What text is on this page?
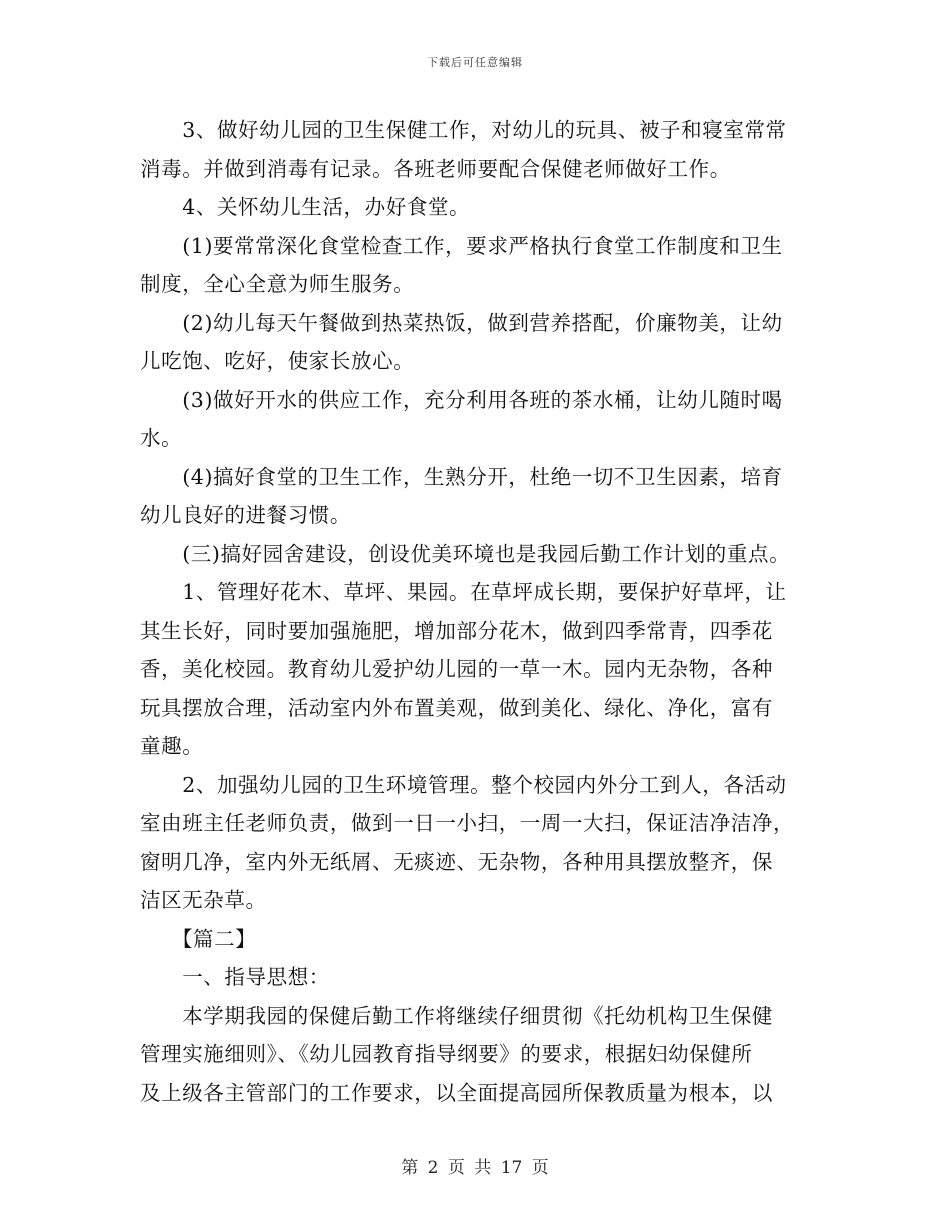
下载后可任意编辑
　　3、做好幼儿园的卫生保健工作，对幼儿的玩具、被子和寝室常常
消毒。并做到消毒有记录。各班老师要配合保健老师做好工作。
　　4、关怀幼儿生活，办好食堂。
　　(1)要常常深化食堂检查工作，要求严格执行食堂工作制度和卫生
制度，全心全意为师生服务。
　　(2)幼儿每天午餐做到热菜热饭，做到营养搭配，价廉物美，让幼
儿吃饱、吃好，使家长放心。
　　(3)做好开水的供应工作，充分利用各班的茶水桶，让幼儿随时喝
水。
　　(4)搞好食堂的卫生工作，生熟分开，杜绝一切不卫生因素，培育
幼儿良好的进餐习惯。
　　(三)搞好园舍建设，创设优美环境也是我园后勤工作计划的重点。
　　1、管理好花木、草坪、果园。在草坪成长期，要保护好草坪，让
其生长好，同时要加强施肥，增加部分花木，做到四季常青，四季花
香，美化校园。教育幼儿爱护幼儿园的一草一木。园内无杂物，各种
玩具摆放合理，活动室内外布置美观，做到美化、绿化、净化，富有
童趣。
　　2、加强幼儿园的卫生环境管理。整个校园内外分工到人，各活动
室由班主任老师负责，做到一日一小扫，一周一大扫，保证洁净洁净，
窗明几净，室内外无纸屑、无痰迹、无杂物，各种用具摆放整齐，保
洁区无杂草。
　　【篇二】
　　一、指导思想：
　　本学期我园的保健后勤工作将继续仔细贯彻《托幼机构卫生保健
管理实施细则》、《幼儿园教育指导纲要》的要求，根据妇幼保健所
及上级各主管部门的工作要求，以全面提高园所保教质量为根本，以
第 2 页 共 17 页
